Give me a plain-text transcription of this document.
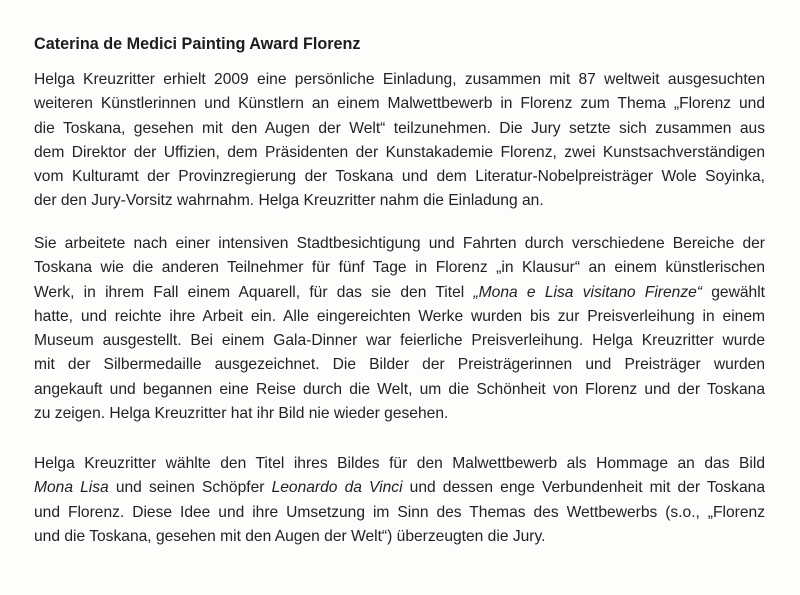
Caterina de Medici Painting Award Florenz
Helga Kreuzritter erhielt 2009 eine persönliche Einladung, zusammen mit 87 weltweit ausgesuchten
weiteren Künstlerinnen und Künstlern an einem Malwettbewerb in Florenz zum Thema „Florenz und
die Toskana, gesehen mit den Augen der Welt“ teilzunehmen. Die Jury setzte sich zusammen aus
dem Direktor der Uffizien, dem Präsidenten der Kunstakademie Florenz, zwei Kunstsachverständigen
vom Kulturamt der Provinzregierung der Toskana und dem Literatur-Nobelpreisträger Wole Soyinka,
der den Jury-Vorsitz wahrnahm. Helga Kreuzritter nahm die Einladung an.
Sie arbeitete nach einer intensiven Stadtbesichtigung und Fahrten durch verschiedene Bereiche der
Toskana wie die anderen Teilnehmer für fünf Tage in Florenz „in Klausur“ an einem künstlerischen
Werk, in ihrem Fall einem Aquarell, für das sie den Titel „Mona e Lisa visitano Firenze“ gewählt
hatte, und reichte ihre Arbeit ein. Alle eingereichten Werke wurden bis zur Preisverleihung in einem
Museum ausgestellt. Bei einem Gala-Dinner war feierliche Preisverleihung. Helga Kreuzritter wurde
mit der Silbermedaille ausgezeichnet. Die Bilder der Preisträgerinnen und Preisträger wurden
angekauft und begannen eine Reise durch die Welt, um die Schönheit von Florenz und der Toskana
zu zeigen. Helga Kreuzritter hat ihr Bild nie wieder gesehen.
Helga Kreuzritter wählte den Titel ihres Bildes für den Malwettbewerb als Hommage an das Bild
Mona Lisa und seinen Schöpfer Leonardo da Vinci und dessen enge Verbundenheit mit der Toskana
und Florenz. Diese Idee und ihre Umsetzung im Sinn des Themas des Wettbewerbs (s.o., „Florenz
und die Toskana, gesehen mit den Augen der Welt“) überzeugten die Jury.
